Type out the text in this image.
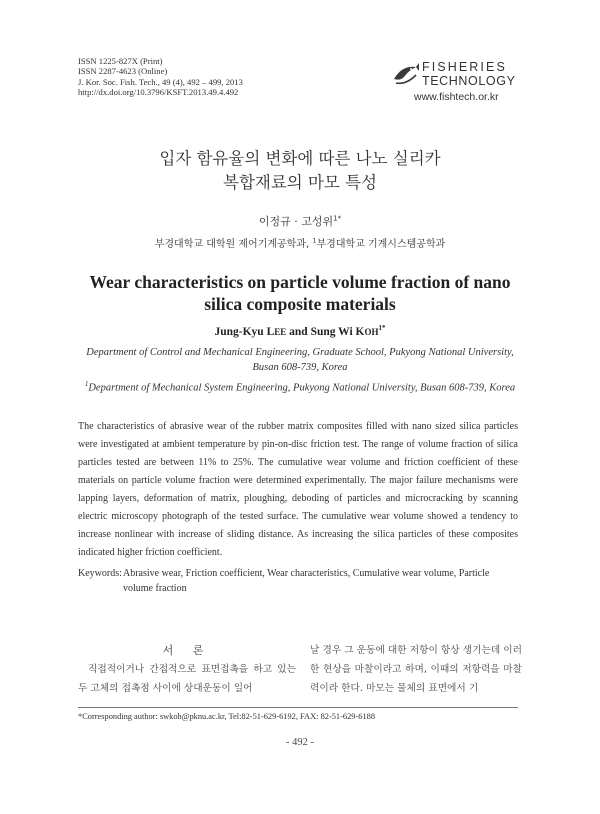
ISSN 1225-827X (Print)
ISSN 2287-4623 (Online)
J. Kor. Soc. Fish. Tech., 49 (4), 492 – 499, 2013
http://dx.doi.org/10.3796/KSFT.2013.49.4.492
FISHERIES
TECHNOLOGY
www.fishtech.or.kr
입자 함유율의 변화에 따른 나노 실리카
복합재료의 마모 특성
이정규 · 고성위$^{1*}$
부경대학교 대학원 제어기계공학과, $^1$부경대학교 기계시스템공학과
Wear characteristics on particle volume fraction of nano
silica composite materials
Jung-Kyu LEE and Sung Wi $KOH^{1*}$
Department of Control and Mechanical Engineering, Graduate School, Pukyong National University,
Busan 608-739, Korea
$^1$Department of Mechanical System Engineering, Pukyong National University, Busan 608-739, Korea

The characteristics of abrasive wear of the rubber matrix composites filled with nano sized silica particles were investigated at ambient temperature by pin-on-disc friction test. The range of volume fraction of silica particles tested are between 11% to 25%. The cumulative wear volume and friction coefficient of these materials on particle volume fraction were determined experimentally. The major failure mechanisms were lapping layers, deformation of matrix, ploughing, deboding of particles and microcracking by scanning electric microscopy photograph of the tested surface. The cumulative wear volume showed a tendency to increase nonlinear with increase of sliding distance. As increasing the silica particles of these composites indicated higher friction coefficient.

Keywords: Abrasive wear, Friction coefficient, Wear characteristics, Cumulative wear volume, Particle volume fraction
서 론

직접적이거나 간접적으로 표면접촉을 하고 있는 두 고체의 접촉점 사이에 상대운동이 일어

날 경우 그 운동에 대한 저항이 항상 생기는데 이러한 현상을 마찰이라고 하며, 이때의 저항력을 마찰력이라 한다. 마모는 물체의 표면에서 기

*Corresponding author: swkoh@pknu.ac.kr, Tel:82-51-629-6192, FAX: 82-51-629-6188
- 492 -
